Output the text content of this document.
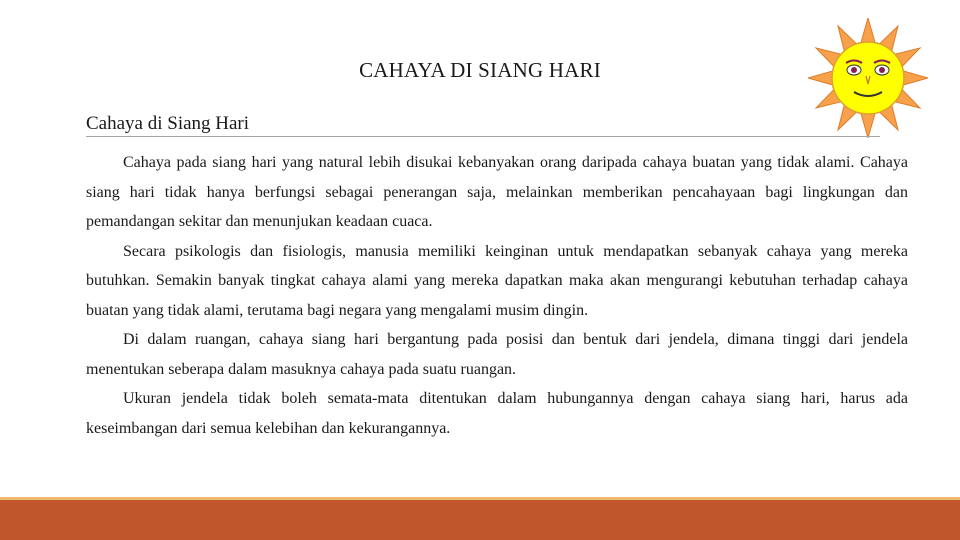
CAHAYA DI SIANG HARI
Cahaya di Siang Hari

Cahaya pada siang hari yang natural lebih disukai kebanyakan orang daripada cahaya buatan yang tidak alami. Cahaya siang hari tidak hanya berfungsi sebagai penerangan saja, melainkan memberikan pencahayaan bagi lingkungan dan pemandangan sekitar dan menunjukan keadaan cuaca.

Secara psikologis dan fisiologis, manusia memiliki keinginan untuk mendapatkan sebanyak cahaya yang mereka butuhkan. Semakin banyak tingkat cahaya alami yang mereka dapatkan maka akan mengurangi kebutuhan terhadap cahaya buatan yang tidak alami, terutama bagi negara yang mengalami musim dingin.

Di dalam ruangan, cahaya siang hari bergantung pada posisi dan bentuk dari jendela, dimana tinggi dari jendela menentukan seberapa dalam masuknya cahaya pada suatu ruangan.

Ukuran jendela tidak boleh semata-mata ditentukan dalam hubungannya dengan cahaya siang hari, harus ada keseimbangan dari semua kelebihan dan kekurangannya.
